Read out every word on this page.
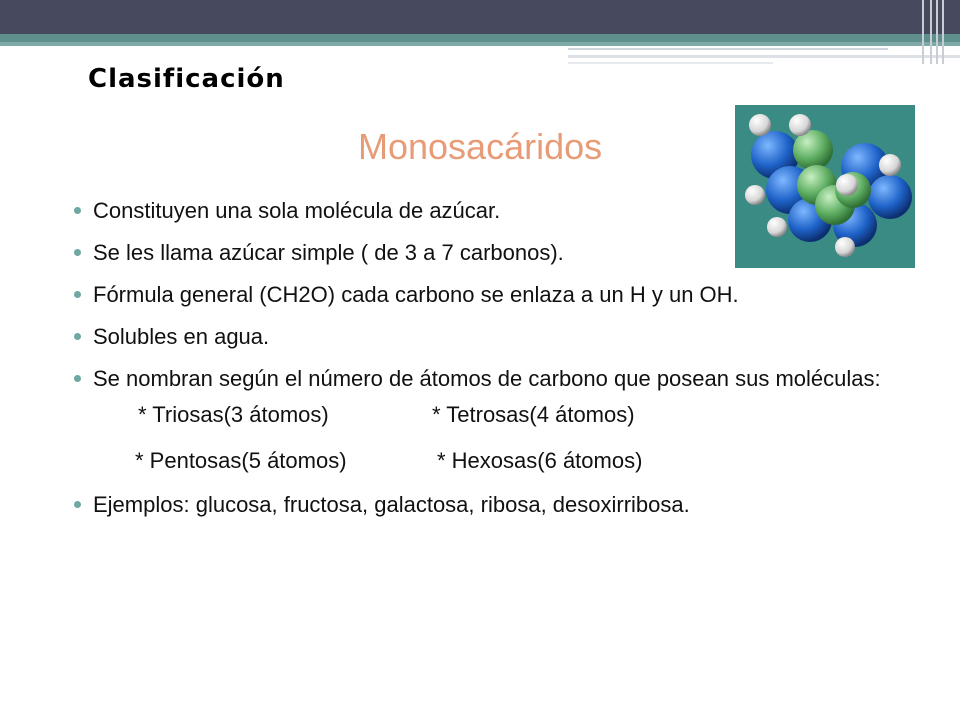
Clasificación
Monosacáridos
Constituyen una sola molécula de azúcar.
Se les llama azúcar simple ( de 3 a 7 carbonos).
Fórmula general (CH2O) cada carbono se enlaza a un H y un OH.
Solubles en agua.
Se nombran según el número de átomos de carbono que posean sus moléculas:
* Triosas(3 átomos)	* Tetrosas(4 átomos)
* Pentosas(5 átomos)	* Hexosas(6 átomos)
Ejemplos: glucosa, fructosa, galactosa, ribosa, desoxirribosa.
